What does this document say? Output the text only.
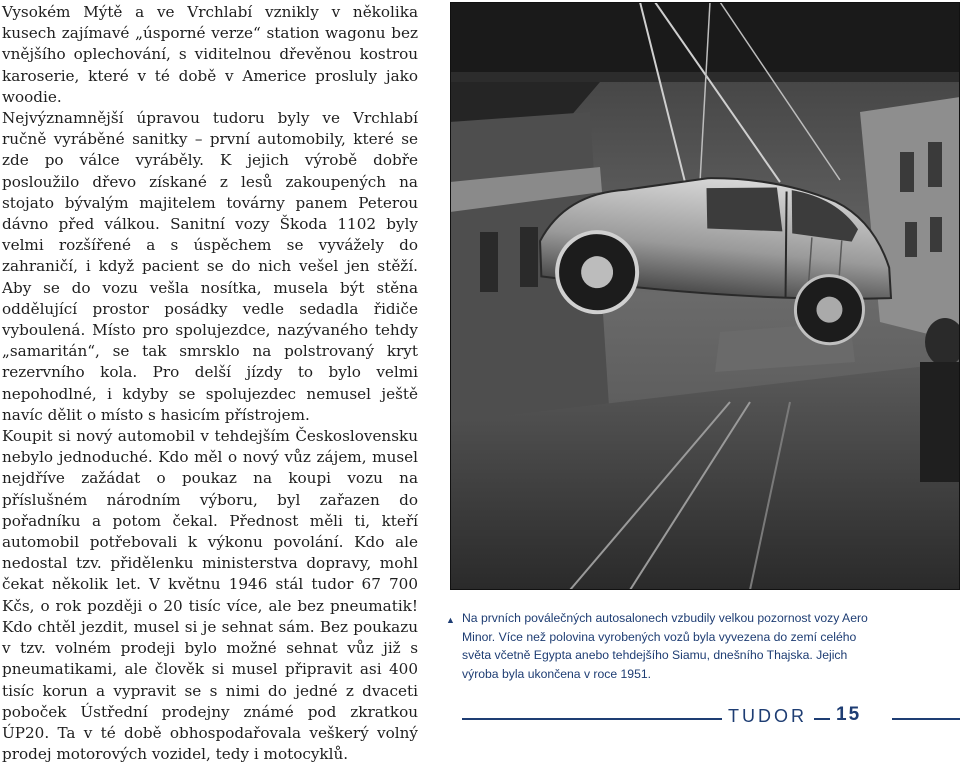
Vysokém Mýtě a ve Vrchlabí vznikly v několika kusech zajímavé „úsporné verze“ station wagonu bez vnějšího oplechování, s viditelnou dřevěnou kostrou karoserie, které v té době v Americe prosluly jako woodie.

Nejvýznamnější úpravou tudoru byly ve Vrchlabí ručně vyráběné sanitky – první automobily, které se zde po válce vyráběly. K jejich výrobě dobře posloužilo dřevo získané z lesů zakoupených na stojato bývalým majitelem továrny panem Peterou dávno před válkou. Sanitní vozy Škoda 1102 byly velmi rozšířené a s úspěchem se vyvážely do zahraničí, i když pacient se do nich vešel jen stěží. Aby se do vozu vešla nosítka, musela být stěna oddělující prostor posádky vedle sedadla řidiče vyboulená. Místo pro spolujezdce, nazývaného tehdy „samaritán“, se tak smrsklo na polstrovaný kryt rezervního kola. Pro delší jízdy to bylo velmi nepohodlné, i kdyby se spolujezdec nemusel ještě navíc dělit o místo s hasicím přístrojem.

Koupit si nový automobil v tehdejším Československu nebylo jednoduché. Kdo měl o nový vůz zájem, musel nejdříve zažádat o poukaz na koupi vozu na příslušném národním výboru, byl zařazen do pořadníku a potom čekal. Přednost měli ti, kteří automobil potřebovali k výkonu povolání. Kdo ale nedostal tzv. přidělenku ministerstva dopravy, mohl čekat několik let. V květnu 1946 stál tudor 67 700 Kčs, o rok později o 20 tisíc více, ale bez pneumatik! Kdo chtěl jezdit, musel si je sehnat sám. Bez poukazu v tzv. volném prodeji bylo možné sehnat vůz již s pneumatikami, ale člověk si musel připravit asi 400 tisíc korun a vypravit se s nimi do jedné z dvaceti poboček Ústřední prodejny známé pod zkratkou ÚP20. Ta v té době obhospodařovala veškerý volný prodej motorových vozidel, tedy i motocyklů.

▲ Na prvních poválečných autosalonech vzbudily velkou pozornost vozy Aero Minor. Více než polovina vyrobených vozů byla vyvezena do zemí celého světa včetně Egypta anebo tehdejšího Siamu, dnešního Thajska. Jejich výroba byla ukončena v roce 1951.
TUDOR	15
